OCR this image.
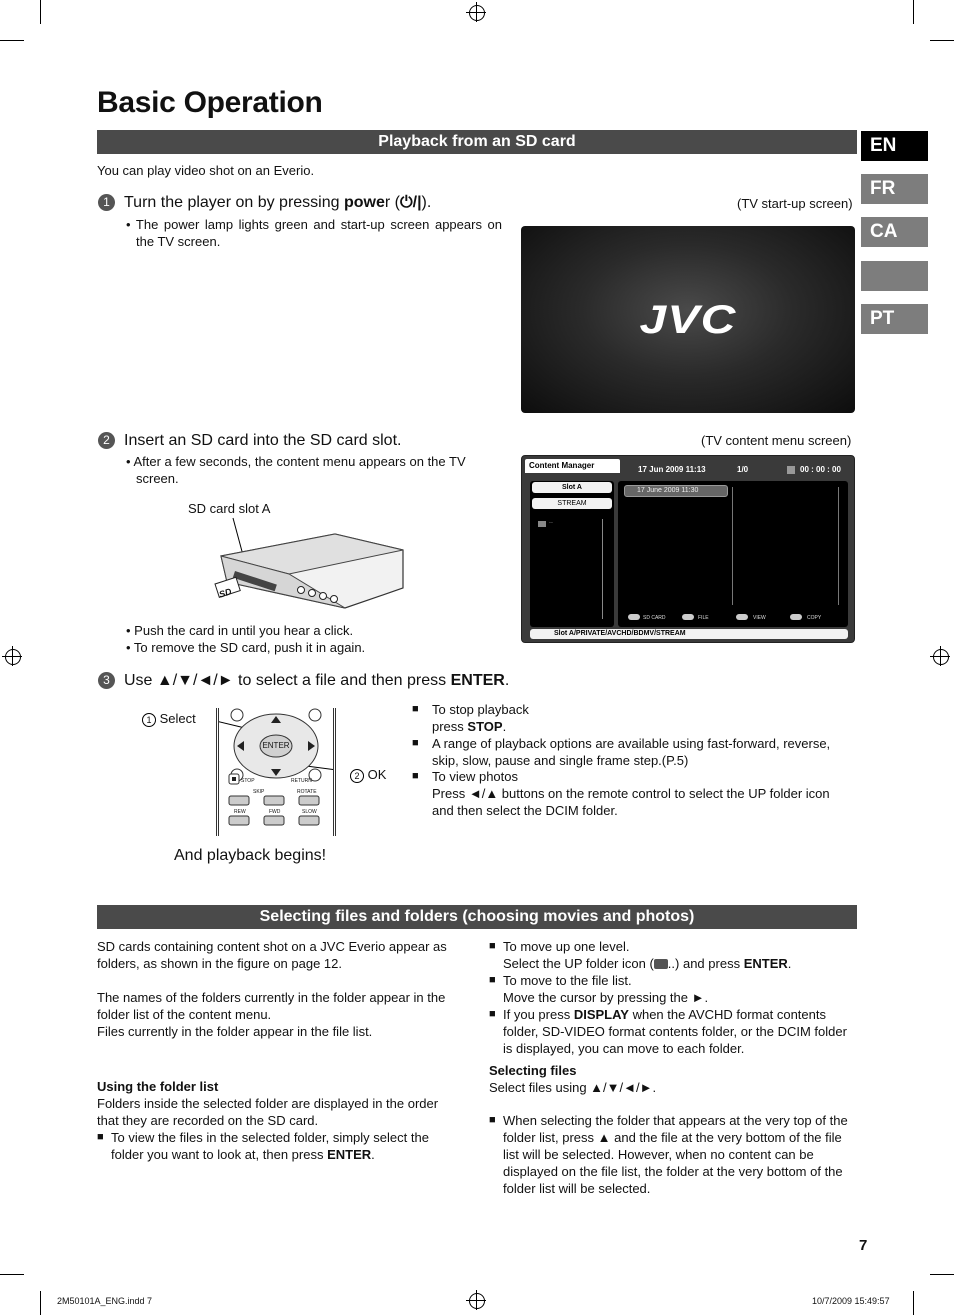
Basic Operation
EN
FR
CA
PT
Playback from an SD card
You can play video shot on an Everio.
1 Turn the player on by pressing power (⏻/|).
• The power lamp lights green and start-up screen appears on the TV screen.
(TV start-up screen)
JVC
2 Insert an SD card into the SD card slot.
• After a few seconds, the content menu appears on the TV screen.
SD card slot A
SD
• Push the card in until you hear a click.
• To remove the SD card, push it in again.
(TV content menu screen)
Content Manager	17 Jun 2009 11:13	1/0	00 : 00 : 00
Slot A
STREAM
..
17 June 2009 11:30
SD CARD	FILE	VIEW	COPY
Slot A/PRIVATE/AVCHD/BDMV/STREAM
3 Use ▲/▼/◄/► to select a file and then press ENTER.
1 Select
2 OK
ENTER
STOP	RETURN
SKIP	ROTATE
REW	FWD	SLOW
And playback begins!
■ To stop playback
press STOP.
■ A range of playback options are available using fast-forward, reverse, skip, slow, pause and single frame step.(P.5)
■ To view photos
Press ◄/▲ buttons on the remote control to select the UP folder icon and then select the DCIM folder.
Selecting files and folders (choosing movies and photos)
SD cards containing content shot on a JVC Everio appear as folders, as shown in the figure on page 12.
The names of the folders currently in the folder appear in the folder list of the content menu.
Files currently in the folder appear in the file list.
Using the folder list
Folders inside the selected folder are displayed in the order that they are recorded on the SD card.
■ To view the files in the selected folder, simply select the folder you want to look at, then press ENTER.
■ To move up one level.
Select the UP folder icon ( ..) and press ENTER.
■ To move to the file list.
Move the cursor by pressing the ►.
■ If you press DISPLAY when the AVCHD format contents folder, SD-VIDEO format contents folder, or the DCIM folder is displayed, you can move to each folder.
Selecting files
Select files using ▲/▼/◄/►.
■ When selecting the folder that appears at the very top of the folder list, press ▲ and the file at the very bottom of the file list will be selected. However, when no content can be displayed on the file list, the folder at the very bottom of the folder list will be selected.
7
2M50101A_ENG.indd 7	10/7/2009 15:49:57
